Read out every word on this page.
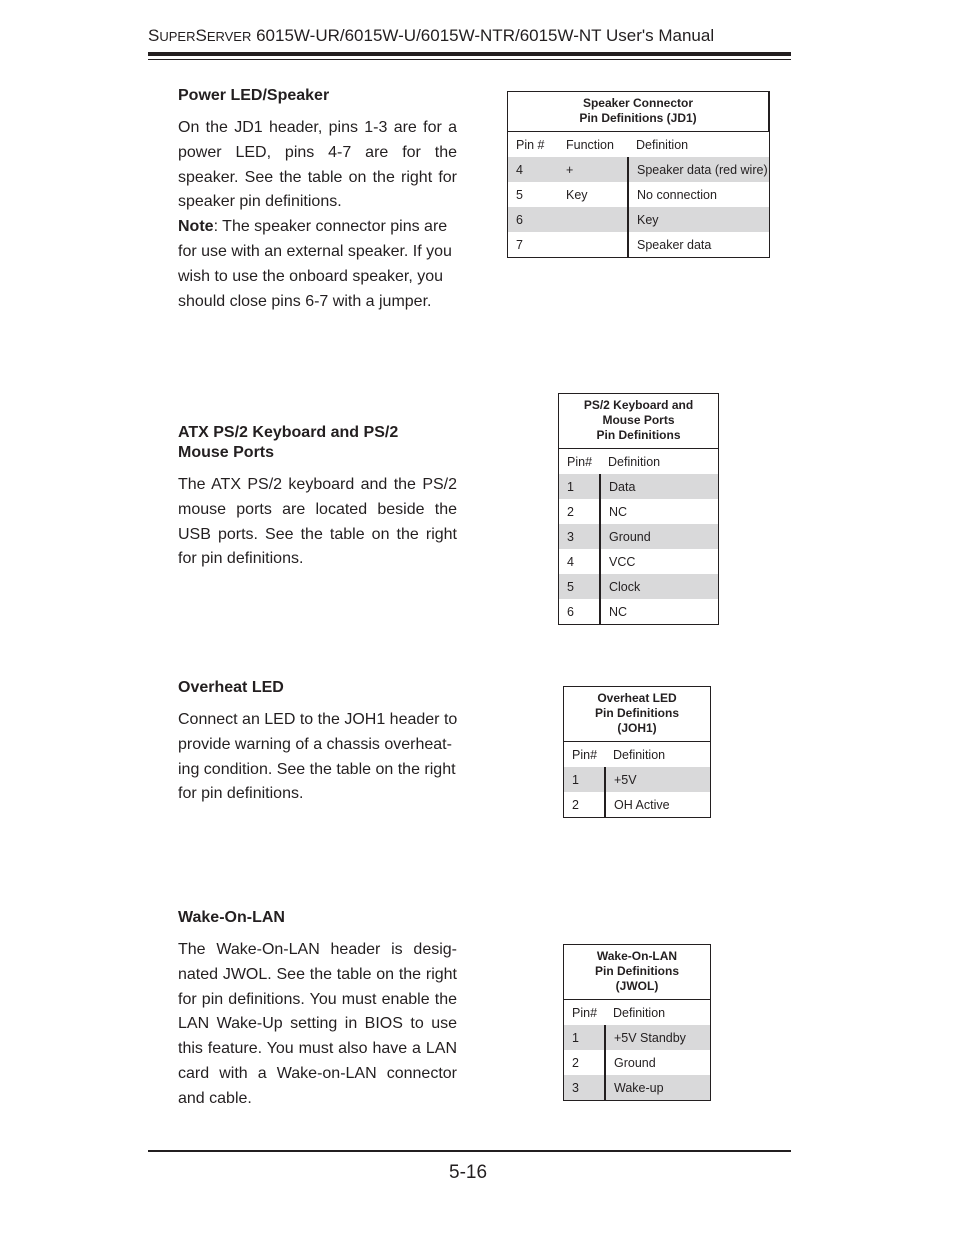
SUPERSERVER 6015W-UR/6015W-U/6015W-NTR/6015W-NT User's Manual
Power LED/Speaker

On the JD1 header, pins 1-3 are for a power LED, pins 4-7 are for the speaker. See the table on the right for speaker pin definitions.

Note: The speaker connector pins are for use with an external speaker. If you wish to use the onboard speaker, you should close pins 6-7 with a jumper.

Speaker Connector
Pin Definitions (JD1)		
Pin #	Function	Definition
4	+	Speaker data (red wire)
5	Key	No connection
6		Key
7		Speaker data
ATX PS/2 Keyboard and PS/2
Mouse Ports

The ATX PS/2 keyboard and the PS/2 mouse ports are located beside the USB ports. See the table on the right for pin definitions.

PS/2 Keyboard and
Mouse Ports
Pin Definitions	
Pin#	Definition
1	Data
2	NC
3	Ground
4	VCC
5	Clock
6	NC
Overheat LED

Connect an LED to the JOH1 header to provide warning of a chassis overheat-ing condition. See the table on the right for pin definitions.

Overheat LED
Pin Definitions
(JOH1)	
Pin#	Definition
1	+5V
2	OH Active
Wake-On-LAN

The Wake-On-LAN header is desig-nated JWOL. See the table on the right for pin definitions. You must enable the LAN Wake-Up setting in BIOS to use this feature. You must also have a LAN card with a Wake-on-LAN connector and cable.

Wake-On-LAN
Pin Definitions
(JWOL)	
Pin#	Definition
1	+5V Standby
2	Ground
3	Wake-up
5-16
